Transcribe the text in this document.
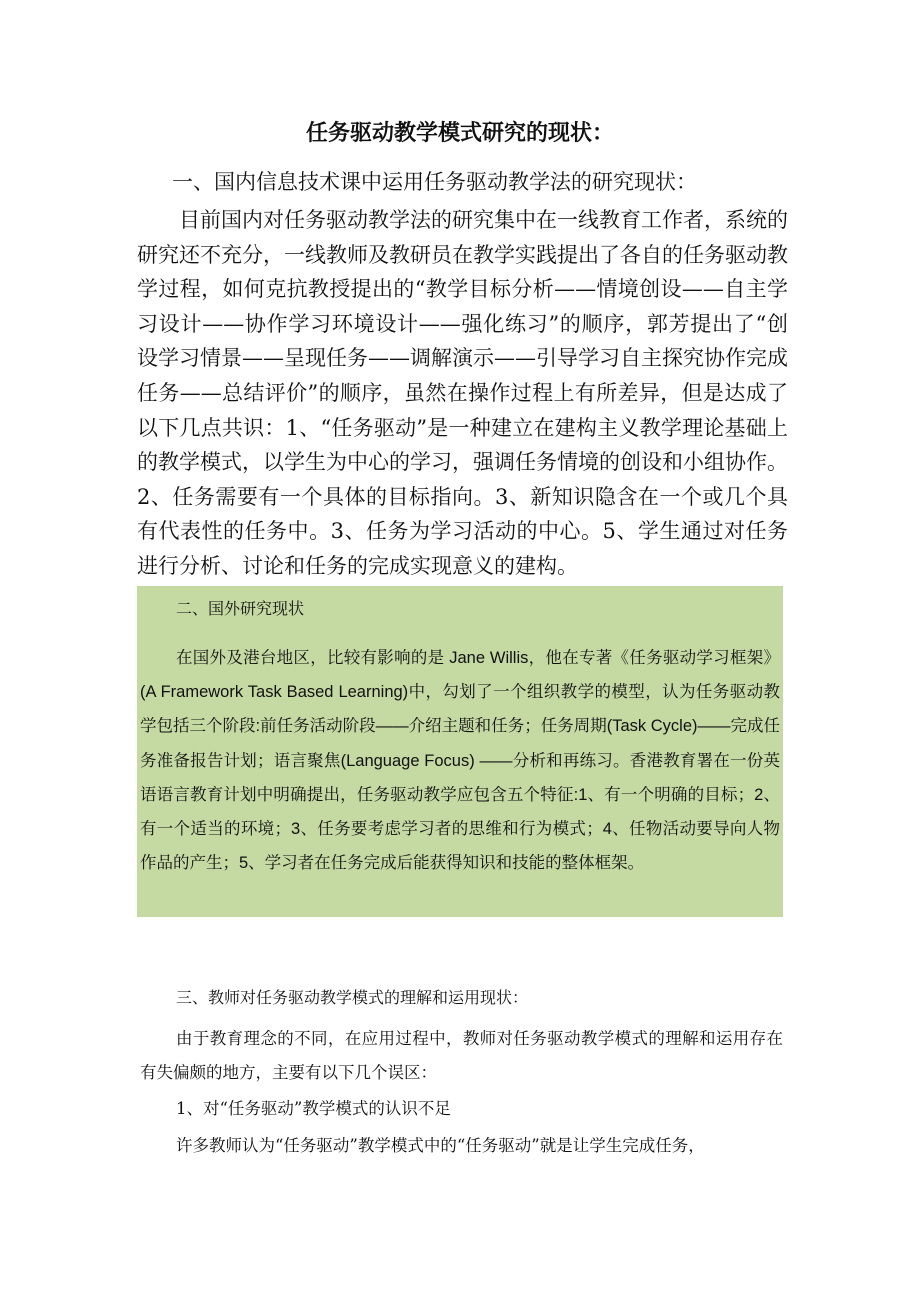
任务驱动教学模式研究的现状：

一、国内信息技术课中运用任务驱动教学法的研究现状：

目前国内对任务驱动教学法的研究集中在一线教育工作者，系统的研究还不充分，一线教师及教研员在教学实践提出了各自的任务驱动教学过程，如何克抗教授提出的“教学目标分析——情境创设——自主学习设计——协作学习环境设计——强化练习”的顺序，郭芳提出了“创设学习情景——呈现任务——调解演示——引导学习自主探究协作完成任务——总结评价”的顺序，虽然在操作过程上有所差异，但是达成了以下几点共识：1、“任务驱动”是一种建立在建构主义教学理论基础上的教学模式，以学生为中心的学习，强调任务情境的创设和小组协作。2、任务需要有一个具体的目标指向。3、新知识隐含在一个或几个具有代表性的任务中。3、任务为学习活动的中心。5、学生通过对任务进行分析、讨论和任务的完成实现意义的建构。

二、国外研究现状

在国外及港台地区，比较有影响的是 Jane Willis，他在专著《任务驱动学习框架》(A Framework Task Based Learning)中，勾划了一个组织教学的模型，认为任务驱动教学包括三个阶段:前任务活动阶段——介绍主题和任务；任务周期(Task Cycle)——完成任务准备报告计划；语言聚焦(Language Focus) ——分析和再练习。香港教育署在一份英语语言教育计划中明确提出，任务驱动教学应包含五个特征:1、有一个明确的目标；2、有一个适当的环境；3、任务要考虑学习者的思维和行为模式；4、任物活动要导向人物作品的产生；5、学习者在任务完成后能获得知识和技能的整体框架。

三、教师对任务驱动教学模式的理解和运用现状：

由于教育理念的不同，在应用过程中，教师对任务驱动教学模式的理解和运用存在有失偏颇的地方，主要有以下几个误区：

1、对“任务驱动”教学模式的认识不足

许多教师认为“任务驱动”教学模式中的“任务驱动”就是让学生完成任务，
